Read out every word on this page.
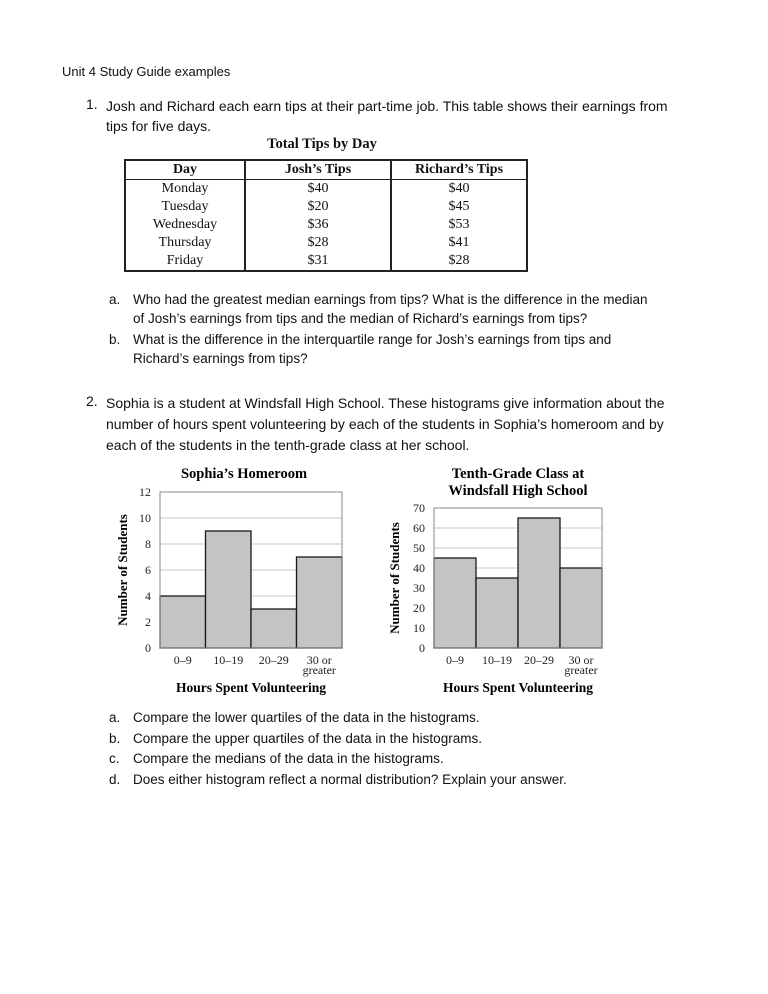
Unit 4 Study Guide examples
1. Josh and Richard each earn tips at their part-time job. This table shows their earnings from
tips for five days.
Total Tips by Day
Day	Josh’s Tips	Richard’s Tips
Monday	$40	$40
Tuesday	$20	$45
Wednesday	$36	$53
Thursday	$28	$41
Friday	$31	$28
a. Who had the greatest median earnings from tips? What is the difference in the median
of Josh’s earnings from tips and the median of Richard’s earnings from tips?
b. What is the difference in the interquartile range for Josh’s earnings from tips and
Richard’s earnings from tips?
2. Sophia is a student at Windsfall High School. These histograms give information about the
number of hours spent volunteering by each of the students in Sophia’s homeroom and by
each of the students in the tenth-grade class at her school.
Sophia’s Homeroom
0
2
4
6
8
10
12
0–9 10–19 20–29	30 or greater
Number of Students
Hours Spent Volunteering
Tenth-Grade Class at
Windsfall High School
0
10
20
30
40
50
60
70
0–9 10–19 20–29	30 or greater
Number of Students
Hours Spent Volunteering
a.
b.
c.
d.
Compare the lower quartiles of the data in the histograms.
Compare the upper quartiles of the data in the histograms.
Compare the medians of the data in the histograms.
Does either histogram reflect a normal distribution? Explain your answer.
